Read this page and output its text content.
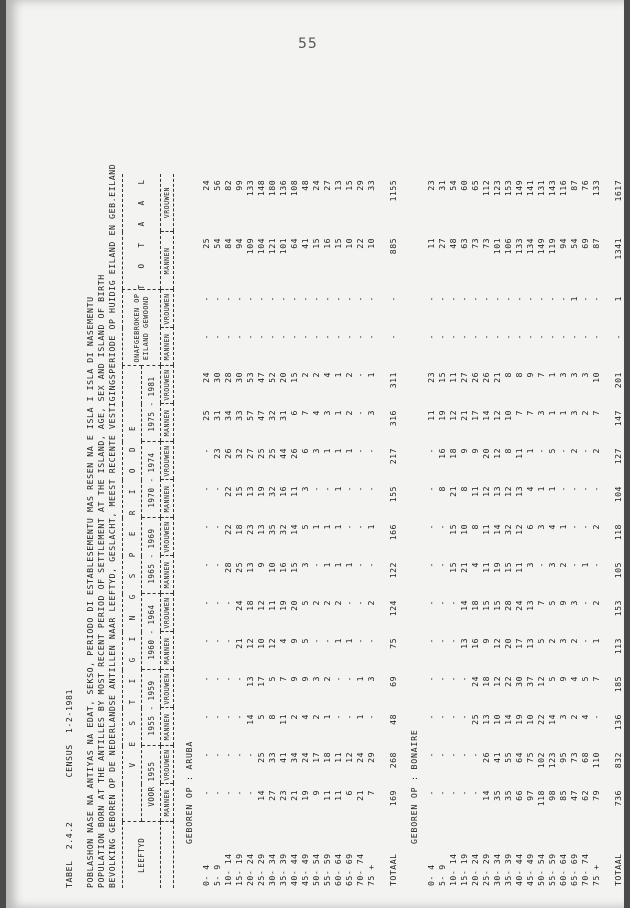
55
TABEL  2.4.2        CENSUS  1-2-1981 POBLASHON NASE NA ANTIYAS NA EDAT, SEKSO, PERIODO DI ESTABLESEMENTU MAS RESEN NA E ISLA I ISLA DI NASEMENTU POPULATION BORN AT THE ANTILLES BY MOST RECENT PERIOD OF SETTLEMENT AT THE ISLAND, AGE, SEX AND ISLAND OF BIRTH BEVOLKING GEBOREN OP DE NEDERLANDSE ANTILLEN NAAR LEEFTYD, GESLACHT, MEEST RECENTE VESTIGINGSPERIODE OP HUIDIG EILAND EN GEB.EILAND	LEEFTYD	V E S T I G I N G S P E R I O D E												ONAFGEBROKEN OP EILAND GEWOOND		T O T A A L	
	VOOR 1955		1955 - 1959		1960 - 1964		1965 - 1969		1970 - 1974		1975 - 1981					
	MANNEN	VROUWEN	MANNEN	VROUWEN	MANNEN	VROUWEN	MANNEN	VROUWEN	MANNEN	VROUWEN	MANNEN	VROUWEN	MANNEN	VROUWEN	MANNEN	VROUWEN
GEBOREN OP : ARUBA																
0- 4	-	-	-	-	-	-	-	-	-	-	25	24	-	-	25	24
5- 9	-	-	-	-	-	-	-	-	-	23	31	30	-	-	54	56
10- 14	-	-	-	-	-	-	28	22	22	26	34	28	-	-	84	82
15- 19	-	-	-	-	21	24	25	18	15	32	33	30	-	-	94	99
20- 24	-	-	14	13	12	18	13	23	13	27	57	53	-	-	109	133
25- 29	14	25	5	17	10	12	9	13	19	25	47	47	-	-	104	148
30- 34	27	33	8	5	12	11	10	35	32	25	32	52	-	-	121	180
35- 39	23	41	11	7	4	19	16	32	16	44	31	20	-	-	101	136
40- 44	21	34	2	9	9	20	15	14	11	26	6	15	-	-	64	108
45- 49	19	24	4	9	5	5	3	5	3	6	7	2	-	-	41	48
50- 54	9	17	2	3	-	2	-	1	-	3	4	2	-	-	15	24
55- 59	11	18	1	2	-	2	1	1	-	1	3	4	-	-	16	27
60- 64	11	11	-	-	1	2	1	1	1	1	1	1	-	-	15	13
65- 69	6	12	-	-	1	-	1	-	-	1	2	2	-	-	10	15
70- 74	21	24	1	1	-	-	-	-	-	-	-	-	-	-	22	29
75 +	7	29	-	3	-	2	-	1	-	-	3	1	-	-	10	33
TOTAAL	169	268	48	69	75	124	122	166	155	217	316	311	-	-	885	1155
GEBOREN OP : BONAIRE																
0- 4	-	-	-	-	-	-	-	-	-	-	11	23	-	-	11	23
5- 9	-	-	-	-	-	-	-	-	8	16	19	15	-	-	27	31
10- 14	-	-	-	-	-	-	15	15	21	18	12	11	-	-	48	54
15- 19	-	-	-	-	13	14	21	10	8	9	21	27	-	-	63	60
20- 24	-	-	25	24	16	18	4	8	11	9	17	26	-	-	73	65
25- 29	14	26	13	18	9	15	11	11	12	20	14	26	-	-	73	112
30- 34	35	41	10	12	12	15	19	14	13	12	12	21	-	-	101	123
35- 39	35	55	14	22	20	28	15	32	12	8	10	8	-	-	106	153
40- 44	66	64	19	30	17	24	11	12	13	11	7	8	-	-	133	149
45- 49	97	75	10	37	13	13	3	6	4	1	7	9	-	-	134	141
50- 54	118	102	22	12	5	7	-	3	1	-	3	7	-	-	149	131
55- 59	98	123	14	5	2	5	3	4	1	5	1	1	-	-	119	143
60- 64	85	95	3	9	3	9	2	1	-	-	1	3	-	-	94	116
65- 69	47	73	2	4	2	3	-	-	-	2	3	3	-	1	54	87
70- 74	62	68	4	5	-	-	1	-	-	-	2	3	-	-	69	76
75 +	79	110	-	7	1	2	-	2	-	2	7	10	-	-	87	133
TOTAAL	736	832	136	185	113	153	105	118	104	127	147	201	-	1	1341	1617
